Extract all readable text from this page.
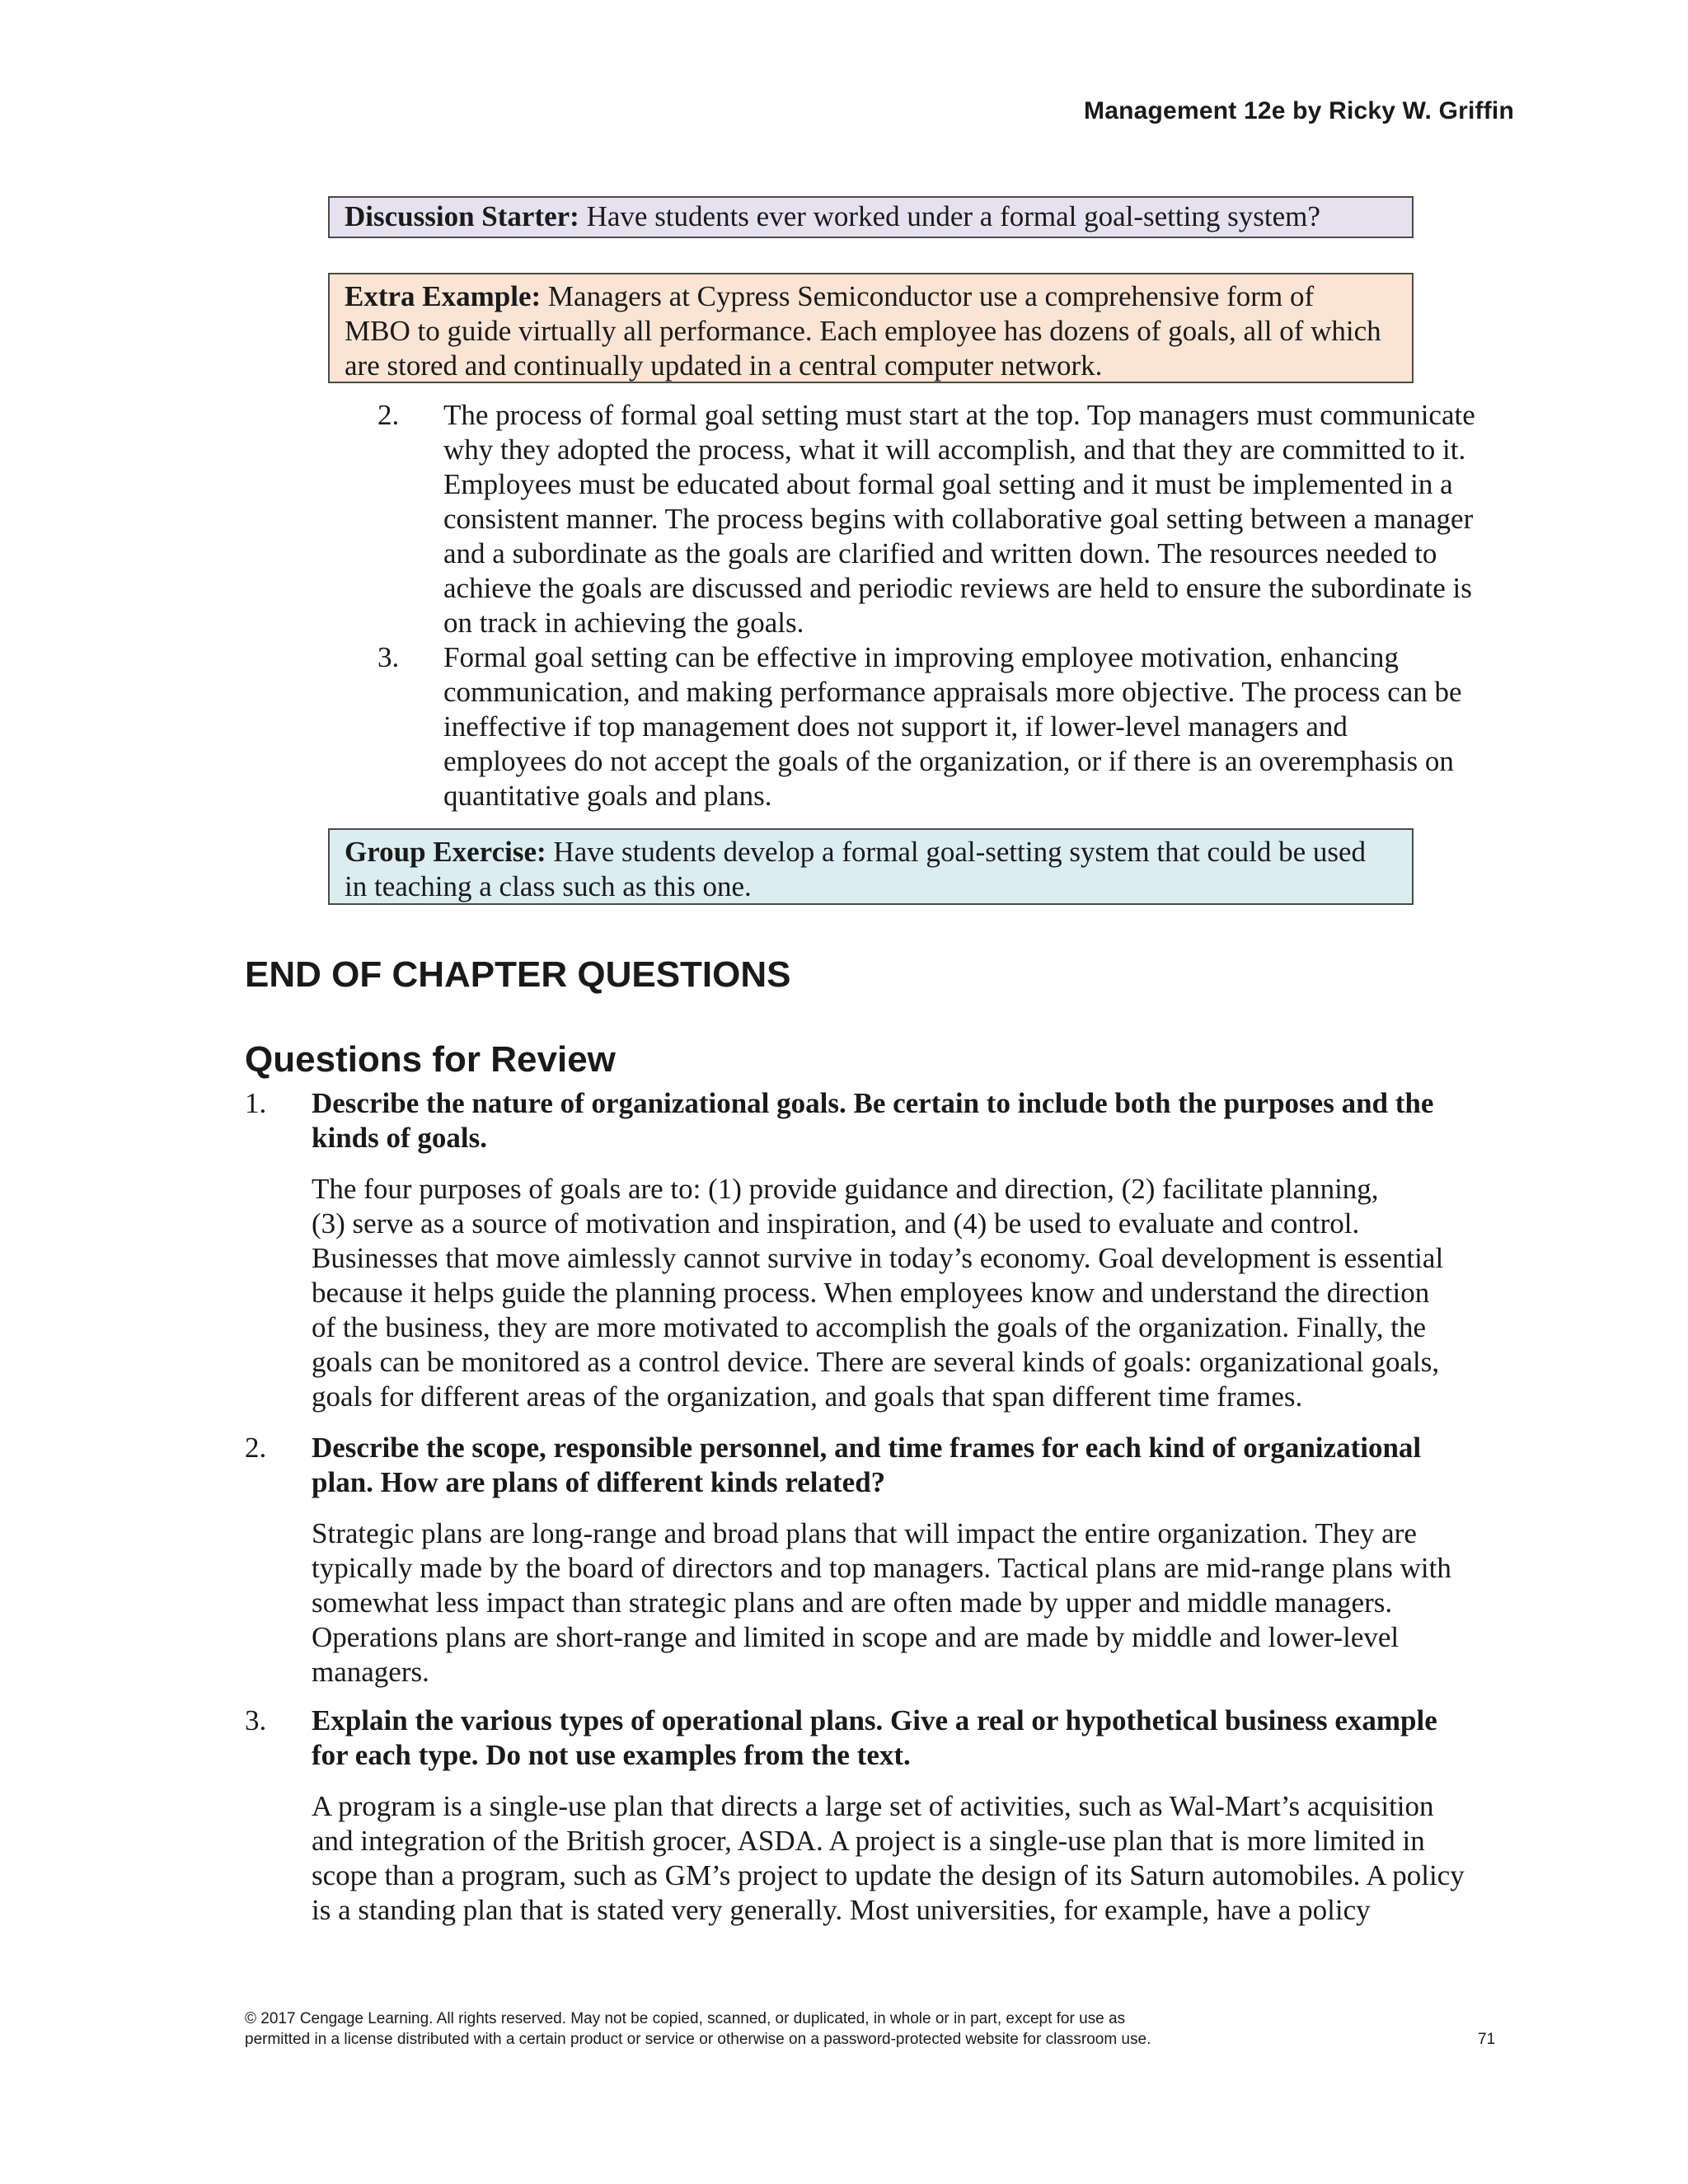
Management 12e by Ricky W. Griffin
Discussion Starter: Have students ever worked under a formal goal-setting system?
Extra Example: Managers at Cypress Semiconductor use a comprehensive form of
MBO to guide virtually all performance. Each employee has dozens of goals, all of which
are stored and continually updated in a central computer network.
2. The process of formal goal setting must start at the top. Top managers must communicate
why they adopted the process, what it will accomplish, and that they are committed to it.
Employees must be educated about formal goal setting and it must be implemented in a
consistent manner. The process begins with collaborative goal setting between a manager
and a subordinate as the goals are clarified and written down. The resources needed to
achieve the goals are discussed and periodic reviews are held to ensure the subordinate is
on track in achieving the goals.
3. Formal goal setting can be effective in improving employee motivation, enhancing
communication, and making performance appraisals more objective. The process can be
ineffective if top management does not support it, if lower-level managers and
employees do not accept the goals of the organization, or if there is an overemphasis on
quantitative goals and plans.
Group Exercise: Have students develop a formal goal-setting system that could be used
in teaching a class such as this one.
END OF CHAPTER QUESTIONS
Questions for Review
1. Describe the nature of organizational goals. Be certain to include both the purposes and the
kinds of goals.
The four purposes of goals are to: (1) provide guidance and direction, (2) facilitate planning,
(3) serve as a source of motivation and inspiration, and (4) be used to evaluate and control.
Businesses that move aimlessly cannot survive in today’s economy. Goal development is essential
because it helps guide the planning process. When employees know and understand the direction
of the business, they are more motivated to accomplish the goals of the organization. Finally, the
goals can be monitored as a control device. There are several kinds of goals: organizational goals,
goals for different areas of the organization, and goals that span different time frames.
2. Describe the scope, responsible personnel, and time frames for each kind of organizational
plan. How are plans of different kinds related?
Strategic plans are long-range and broad plans that will impact the entire organization. They are
typically made by the board of directors and top managers. Tactical plans are mid-range plans with
somewhat less impact than strategic plans and are often made by upper and middle managers.
Operations plans are short-range and limited in scope and are made by middle and lower-level
managers.
3. Explain the various types of operational plans. Give a real or hypothetical business example
for each type. Do not use examples from the text.
A program is a single-use plan that directs a large set of activities, such as Wal-Mart’s acquisition
and integration of the British grocer, ASDA. A project is a single-use plan that is more limited in
scope than a program, such as GM’s project to update the design of its Saturn automobiles. A policy
is a standing plan that is stated very generally. Most universities, for example, have a policy
© 2017 Cengage Learning. All rights reserved. May not be copied, scanned, or duplicated, in whole or in part, except for use as
permitted in a license distributed with a certain product or service or otherwise on a password-protected website for classroom use.	71
